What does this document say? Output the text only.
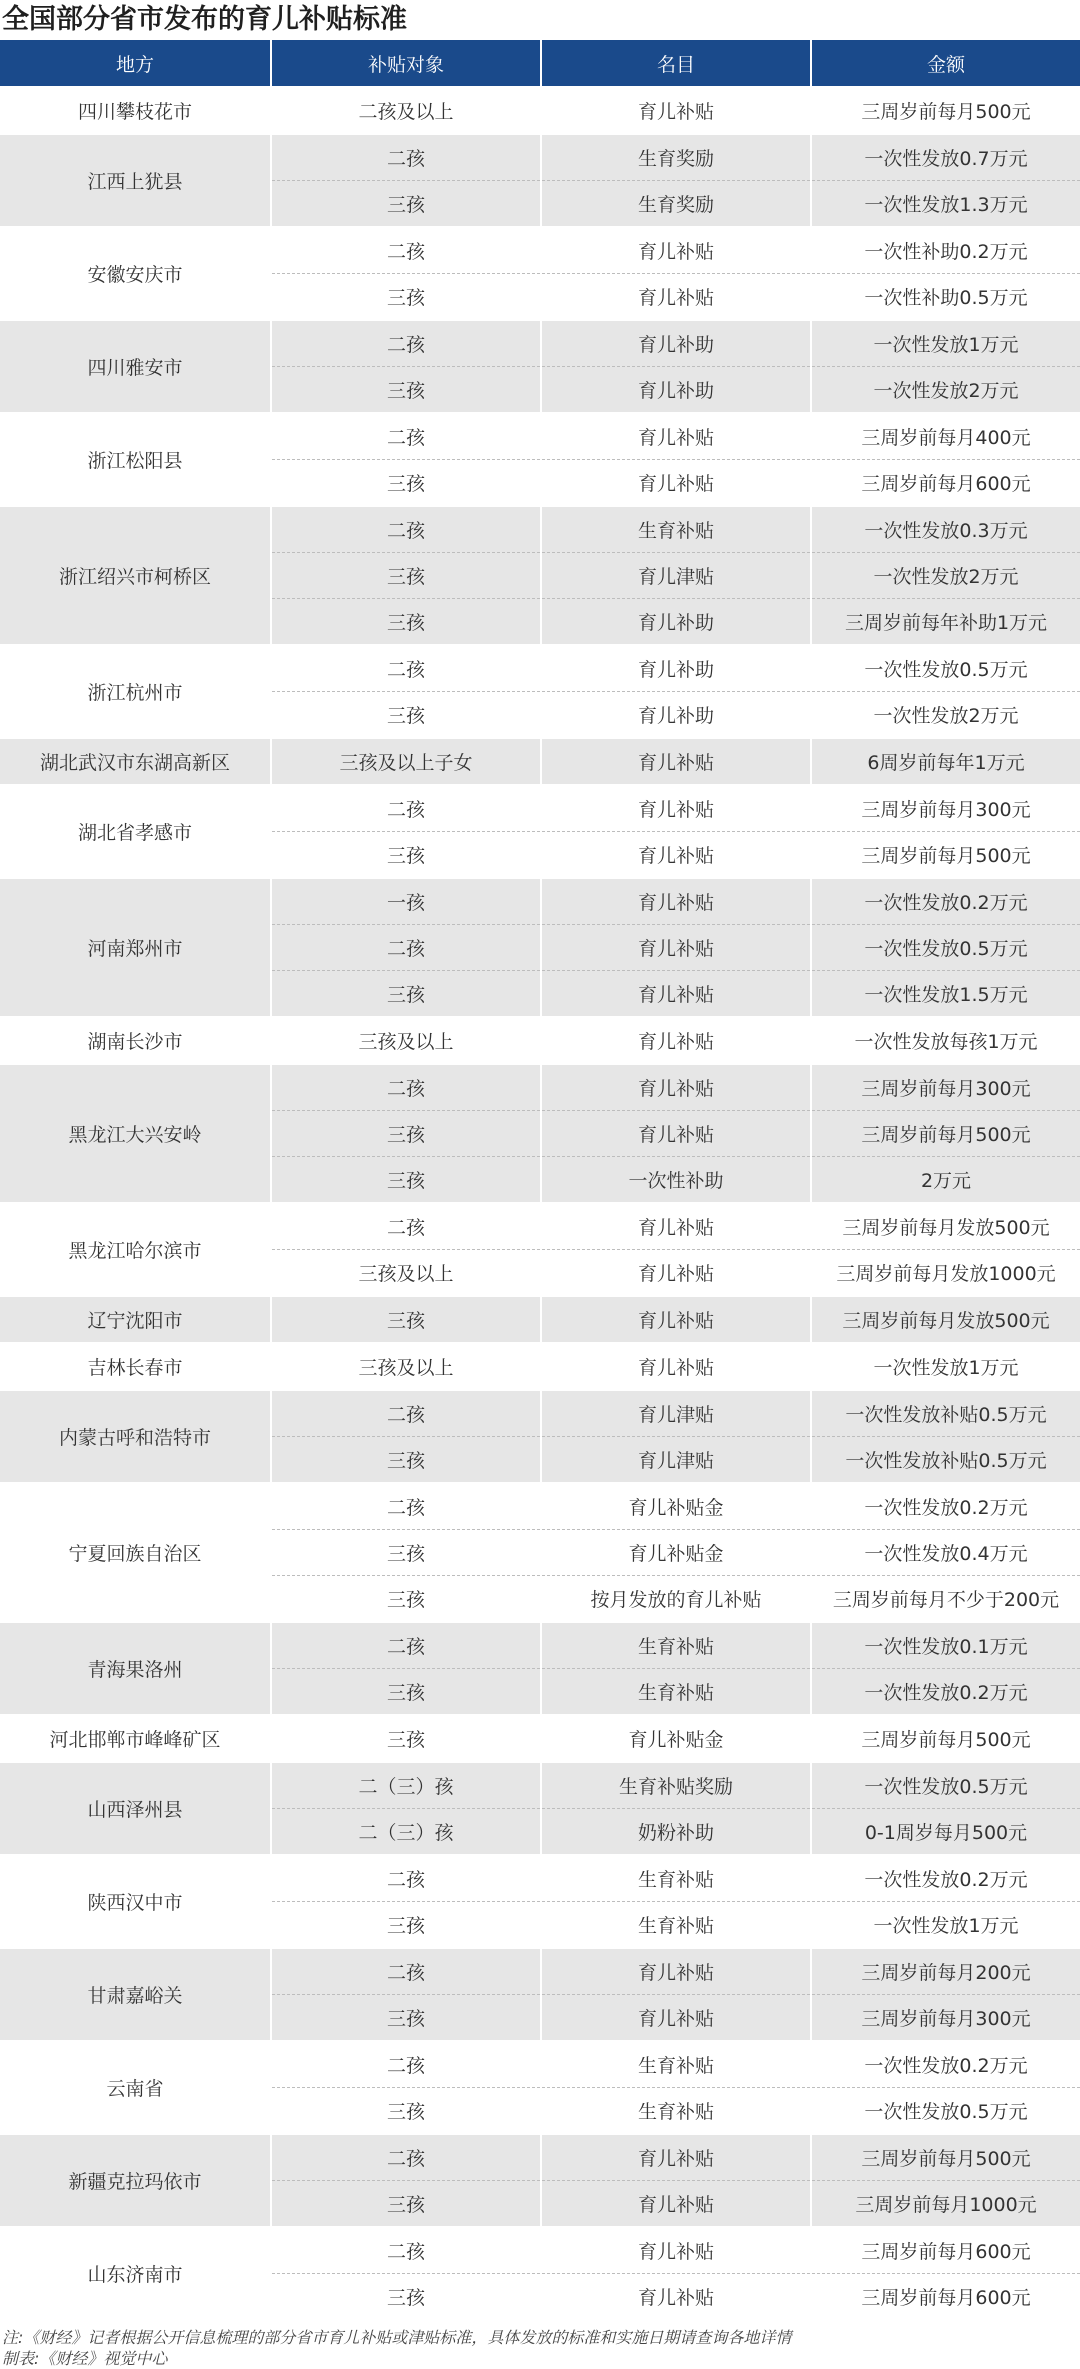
全国部分省市发布的育儿补贴标准
地方	补贴对象	名目	金额
四川攀枝花市	二孩及以上	育儿补贴	三周岁前每月500元
江西上犹县	二孩	生育奖励	一次性发放0.7万元
	三孩	生育奖励	一次性发放1.3万元
安徽安庆市	二孩	育儿补贴	一次性补助0.2万元
	三孩	育儿补贴	一次性补助0.5万元
四川雅安市	二孩	育儿补助	一次性发放1万元
	三孩	育儿补助	一次性发放2万元
浙江松阳县	二孩	育儿补贴	三周岁前每月400元
	三孩	育儿补贴	三周岁前每月600元
浙江绍兴市柯桥区	二孩	生育补贴	一次性发放0.3万元
	三孩	育儿津贴	一次性发放2万元
	三孩	育儿补助	三周岁前每年补助1万元
浙江杭州市	二孩	育儿补助	一次性发放0.5万元
	三孩	育儿补助	一次性发放2万元
湖北武汉市东湖高新区	三孩及以上子女	育儿补贴	6周岁前每年1万元
湖北省孝感市	二孩	育儿补贴	三周岁前每月300元
	三孩	育儿补贴	三周岁前每月500元
河南郑州市	一孩	育儿补贴	一次性发放0.2万元
	二孩	育儿补贴	一次性发放0.5万元
	三孩	育儿补贴	一次性发放1.5万元
湖南长沙市	三孩及以上	育儿补贴	一次性发放每孩1万元
黑龙江大兴安岭	二孩	育儿补贴	三周岁前每月300元
	三孩	育儿补贴	三周岁前每月500元
	三孩	一次性补助	2万元
黑龙江哈尔滨市	二孩	育儿补贴	三周岁前每月发放500元
	三孩及以上	育儿补贴	三周岁前每月发放1000元
辽宁沈阳市	三孩	育儿补贴	三周岁前每月发放500元
吉林长春市	三孩及以上	育儿补贴	一次性发放1万元
内蒙古呼和浩特市	二孩	育儿津贴	一次性发放补贴0.5万元
	三孩	育儿津贴	一次性发放补贴0.5万元
宁夏回族自治区	二孩	育儿补贴金	一次性发放0.2万元
	三孩	育儿补贴金	一次性发放0.4万元
	三孩	按月发放的育儿补贴	三周岁前每月不少于200元
青海果洛州	二孩	生育补贴	一次性发放0.1万元
	三孩	生育补贴	一次性发放0.2万元
河北邯郸市峰峰矿区	三孩	育儿补贴金	三周岁前每月500元
山西泽州县	二（三）孩	生育补贴奖励	一次性发放0.5万元
	二（三）孩	奶粉补助	0-1周岁每月500元
陕西汉中市	二孩	生育补贴	一次性发放0.2万元
	三孩	生育补贴	一次性发放1万元
甘肃嘉峪关	二孩	育儿补贴	三周岁前每月200元
	三孩	育儿补贴	三周岁前每月300元
云南省	二孩	生育补贴	一次性发放0.2万元
	三孩	生育补贴	一次性发放0.5万元
新疆克拉玛依市	二孩	育儿补贴	三周岁前每月500元
	三孩	育儿补贴	三周岁前每月1000元
山东济南市	二孩	育儿补贴	三周岁前每月600元
	三孩	育儿补贴	三周岁前每月600元
注:《财经》记者根据公开信息梳理的部分省市育儿补贴或津贴标准，具体发放的标准和实施日期请查询各地详情
制表:《财经》视觉中心
